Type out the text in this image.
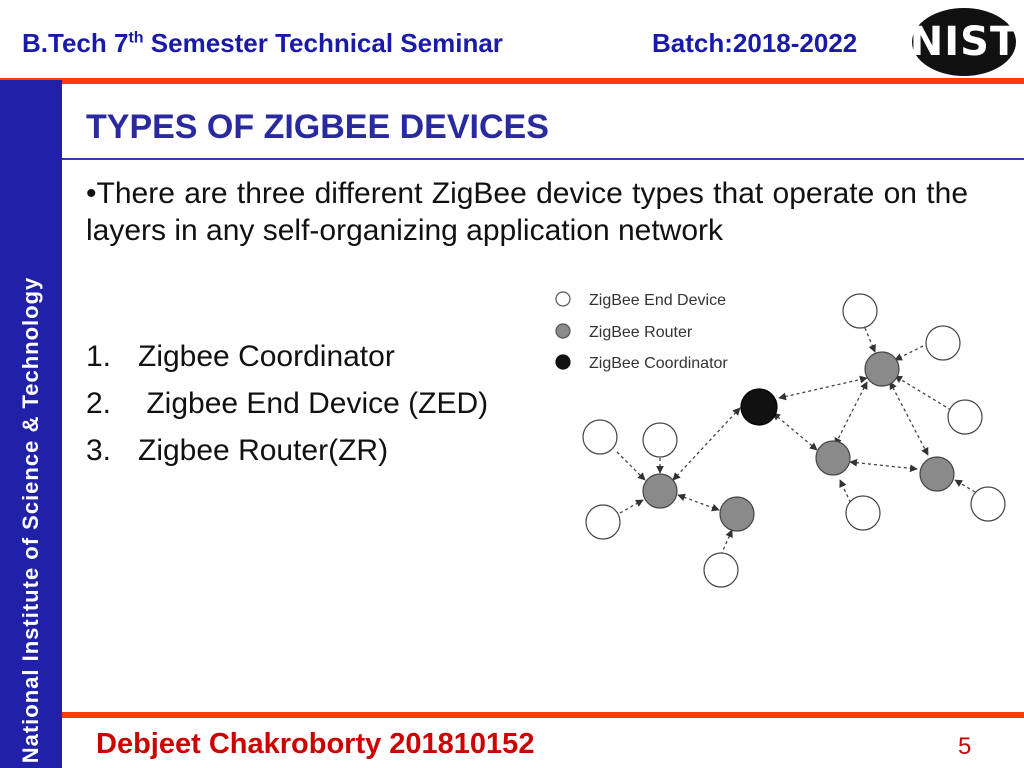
B.Tech 7th Semester Technical Seminar	Batch:2018-2022 NIST
National Institute of Science & Technology
TYPES OF ZIGBEE DEVICES
•There are three different ZigBee device types that operate on the layers in any self-organizing application network
1. Zigbee Coordinator
2. Zigbee End Device (ZED)
3. Zigbee Router(ZR)
ZigBee End Device
ZigBee Router
ZigBee Coordinator
Debjeet Chakroborty 201810152	5
